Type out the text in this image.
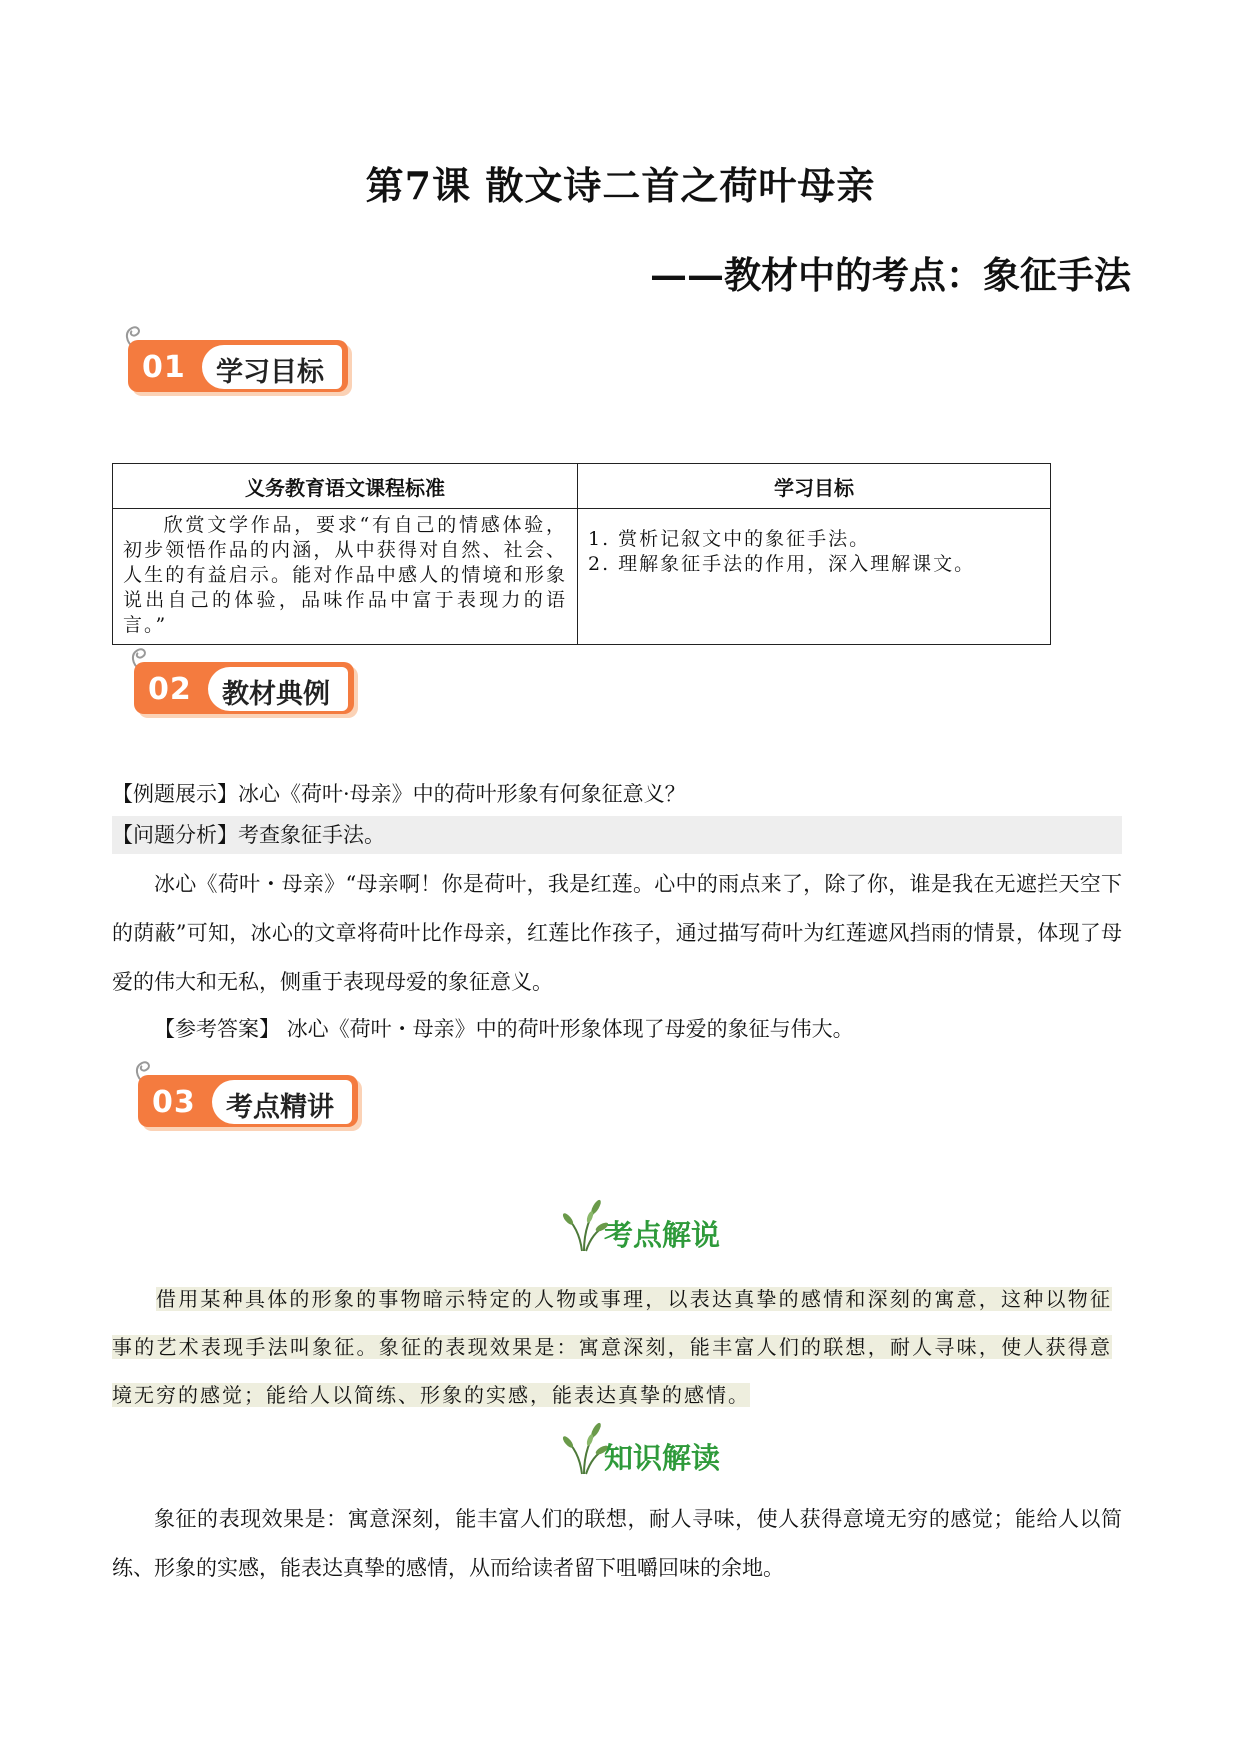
第7课 散文诗二首之荷叶母亲
——教材中的考点：象征手法
01 学习目标
义务教育语文课程标准	学习目标
欣赏文学作品，要求“有自己的情感体验，初步领悟作品的内涵，从中获得对自然、社会、人生的有益启示。能对作品中感人的情境和形象说出自己的体验，品味作品中富于表现力的语言。”	1. 赏析记叙文中的象征手法。
2. 理解象征手法的作用，深入理解课文。
02 教材典例
【例题展示】冰心《荷叶·母亲》中的荷叶形象有何象征意义？
【问题分析】考查象征手法。
冰心《荷叶・母亲》“母亲啊！你是荷叶，我是红莲。心中的雨点来了，除了你，谁是我在无遮拦天空下的荫蔽”可知，冰心的文章将荷叶比作母亲，红莲比作孩子，通过描写荷叶为红莲遮风挡雨的情景，体现了母爱的伟大和无私，侧重于表现母爱的象征意义。
【参考答案】 冰心《荷叶・母亲》中的荷叶形象体现了母爱的象征与伟大。
03 考点精讲
考点解说
借用某种具体的形象的事物暗示特定的人物或事理，以表达真挚的感情和深刻的寓意，这种以物征事的艺术表现手法叫象征。象征的表现效果是：寓意深刻，能丰富人们的联想，耐人寻味，使人获得意境无穷的感觉；能给人以简练、形象的实感，能表达真挚的感情。
知识解读
象征的表现效果是：寓意深刻，能丰富人们的联想，耐人寻味，使人获得意境无穷的感觉；能给人以简练、形象的实感，能表达真挚的感情，从而给读者留下咀嚼回味的余地。
